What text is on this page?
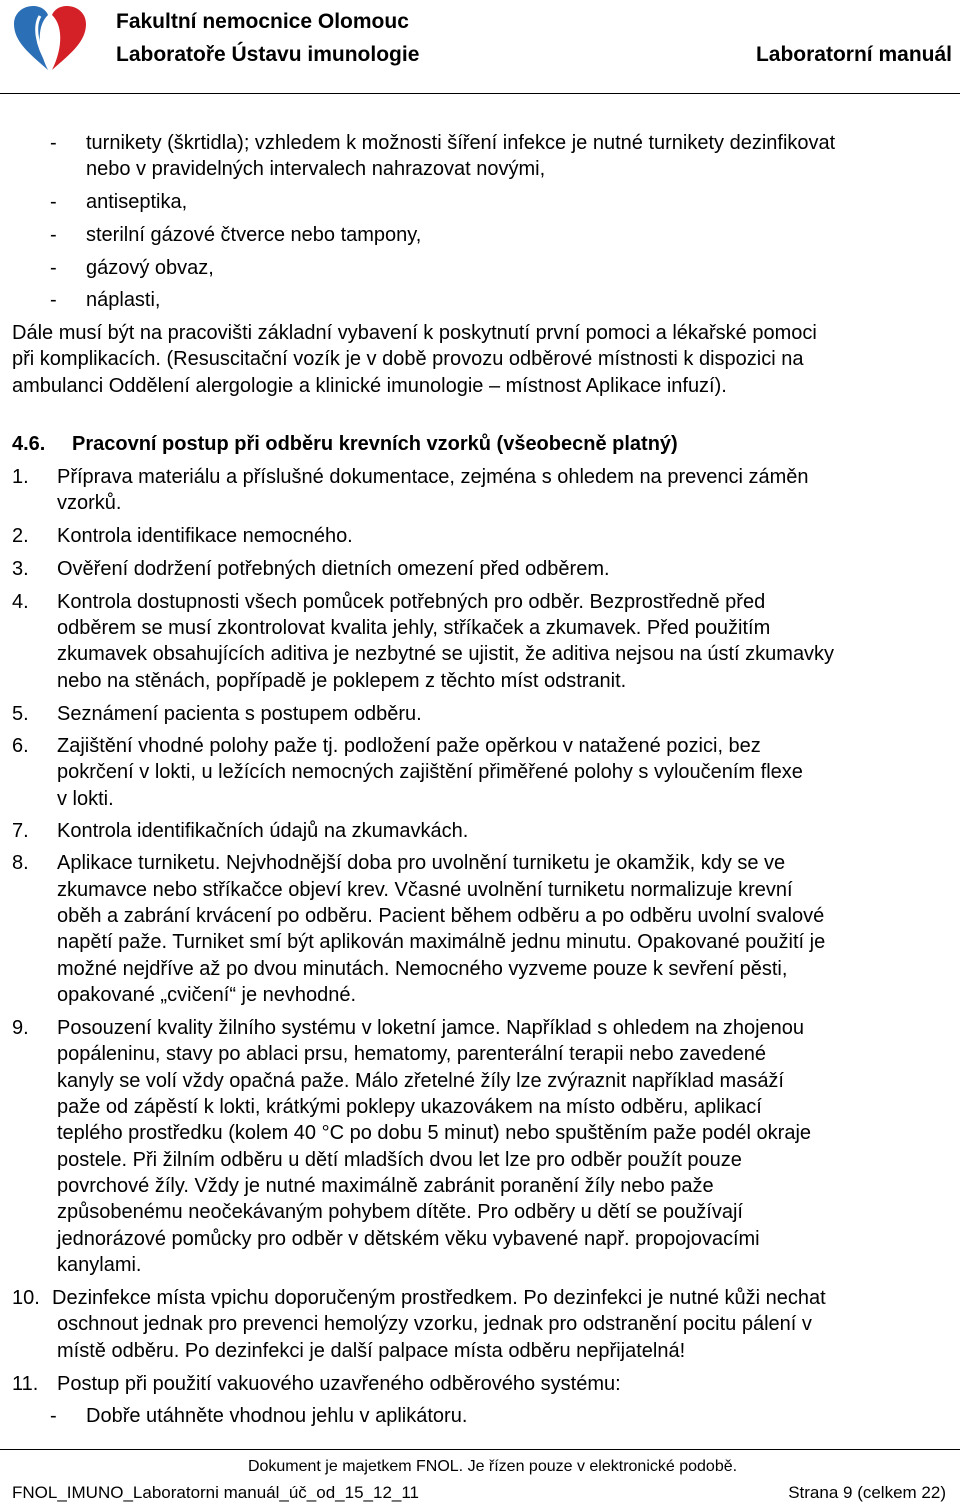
Fakultní nemocnice Olomouc
Laboratoře Ústavu imunologie	Laboratorní manuál
- turnikety (škrtidla); vzhledem k možnosti šíření infekce je nutné turnikety dezinfikovat
nebo v pravidelných intervalech nahrazovat novými,
- antiseptika,
- sterilní gázové čtverce nebo tampony,
- gázový obvaz,
- náplasti,
Dále musí být na pracovišti základní vybavení k poskytnutí první pomoci a lékařské pomoci
při komplikacích. (Resuscitační vozík je v době provozu odběrové místnosti k dispozici na
ambulanci Oddělení alergologie a klinické imunologie – místnost Aplikace infuzí).
4.6. Pracovní postup při odběru krevních vzorků (všeobecně platný)
1. Příprava materiálu a příslušné dokumentace, zejména s ohledem na prevenci záměn
vzorků.
2. Kontrola identifikace nemocného.
3. Ověření dodržení potřebných dietních omezení před odběrem.
4. Kontrola dostupnosti všech pomůcek potřebných pro odběr. Bezprostředně před
odběrem se musí zkontrolovat kvalita jehly, stříkaček a zkumavek. Před použitím
zkumavek obsahujících aditiva je nezbytné se ujistit, že aditiva nejsou na ústí zkumavky
nebo na stěnách, popřípadě je poklepem z těchto míst odstranit.
5. Seznámení pacienta s postupem odběru.
6. Zajištění vhodné polohy paže tj. podložení paže opěrkou v natažené pozici, bez
pokrčení v lokti, u ležících nemocných zajištění přiměřené polohy s vyloučením flexe
v lokti.
7. Kontrola identifikačních údajů na zkumavkách.
8. Aplikace turniketu. Nejvhodnější doba pro uvolnění turniketu je okamžik, kdy se ve
zkumavce nebo stříkačce objeví krev. Včasné uvolnění turniketu normalizuje krevní
oběh a zabrání krvácení po odběru. Pacient během odběru a po odběru uvolní svalové
napětí paže. Turniket smí být aplikován maximálně jednu minutu. Opakované použití je
možné nejdříve až po dvou minutách. Nemocného vyzveme pouze k sevření pěsti,
opakované „cvičení“ je nevhodné.
9. Posouzení kvality žilního systému v loketní jamce. Například s ohledem na zhojenou
popáleninu, stavy po ablaci prsu, hematomy, parenterální terapii nebo zavedené
kanyly se volí vždy opačná paže. Málo zřetelné žíly lze zvýraznit například masáží
paže od zápěstí k lokti, krátkými poklepy ukazovákem na místo odběru, aplikací
teplého prostředku (kolem 40 °C po dobu 5 minut) nebo spuštěním paže podél okraje
postele. Při žilním odběru u dětí mladších dvou let lze pro odběr použít pouze
povrchové žíly. Vždy je nutné maximálně zabránit poranění žíly nebo paže
způsobenému neočekávaným pohybem dítěte. Pro odběry u dětí se používají
jednorázové pomůcky pro odběr v dětském věku vybavené např. propojovacími
kanylami.
10. Dezinfekce místa vpichu doporučeným prostředkem. Po dezinfekci je nutné kůži nechat
oschnout jednak pro prevenci hemolýzy vzorku, jednak pro odstranění pocitu pálení v
místě odběru. Po dezinfekci je další palpace místa odběru nepřijatelná!
11. Postup při použití vakuového uzavřeného odběrového systému:
- Dobře utáhněte vhodnou jehlu v aplikátoru.
Dokument je majetkem FNOL. Je řízen pouze v elektronické podobě.
FNOL_IMUNO_Laboratorni manuál_úč_od_15_12_11	Strana 9 (celkem 22)
